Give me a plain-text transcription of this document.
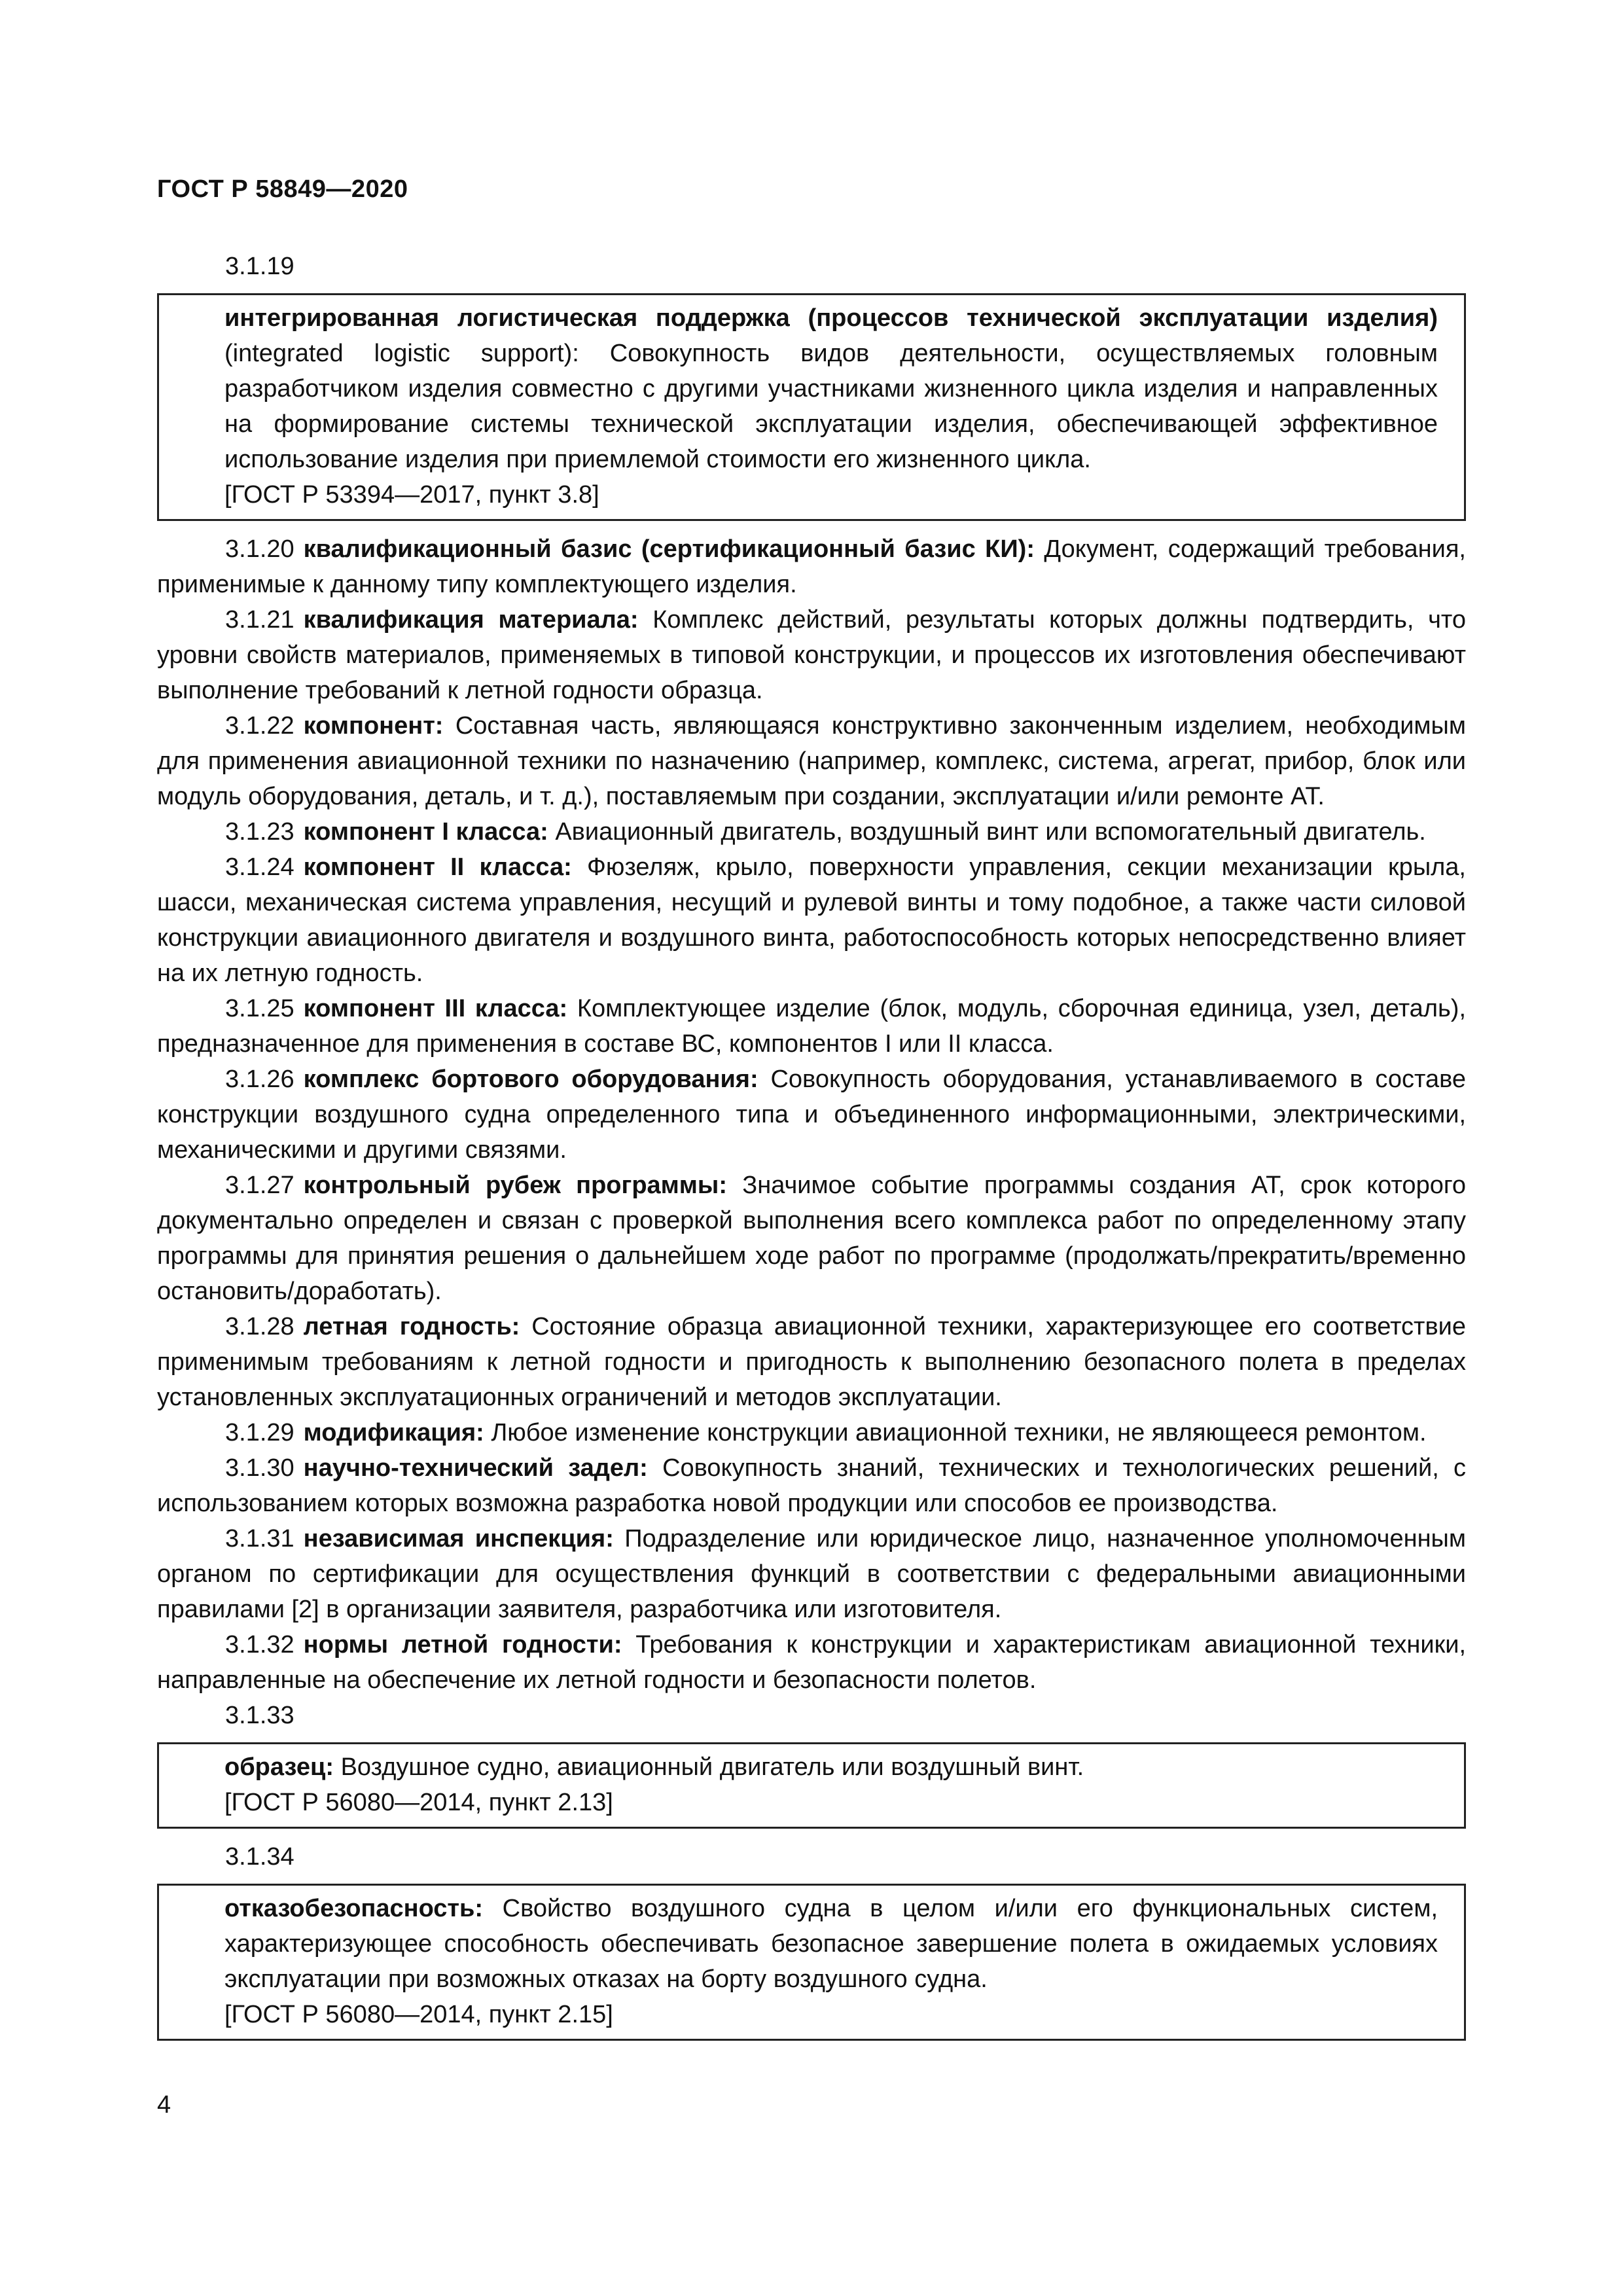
ГОСТ Р 58849—2020
3.1.19

интегрированная логистическая поддержка (процессов технической эксплуатации изделия) (integrated logistic support): Совокупность видов деятельности, осуществляемых головным разработчиком изделия совместно с другими участниками жизненного цикла изделия и направленных на формирование системы технической эксплуатации изделия, обеспечивающей эффективное использование изделия при приемлемой стоимости его жизненного цикла.

[ГОСТ Р 53394—2017, пункт 3.8]

3.1.20 квалификационный базис (сертификационный базис КИ): Документ, содержащий требования, применимые к данному типу комплектующего изделия.

3.1.21 квалификация материала: Комплекс действий, результаты которых должны подтвердить, что уровни свойств материалов, применяемых в типовой конструкции, и процессов их изготовления обеспечивают выполнение требований к летной годности образца.

3.1.22 компонент: Составная часть, являющаяся конструктивно законченным изделием, необходимым для применения авиационной техники по назначению (например, комплекс, система, агрегат, прибор, блок или модуль оборудования, деталь, и т. д.), поставляемым при создании, эксплуатации и/или ремонте АТ.

3.1.23 компонент I класса: Авиационный двигатель, воздушный винт или вспомогательный двигатель.

3.1.24 компонент II класса: Фюзеляж, крыло, поверхности управления, секции механизации крыла, шасси, механическая система управления, несущий и рулевой винты и тому подобное, а также части силовой конструкции авиационного двигателя и воздушного винта, работоспособность которых непосредственно влияет на их летную годность.

3.1.25 компонент III класса: Комплектующее изделие (блок, модуль, сборочная единица, узел, деталь), предназначенное для применения в составе ВС, компонентов I или II класса.

3.1.26 комплекс бортового оборудования: Совокупность оборудования, устанавливаемого в составе конструкции воздушного судна определенного типа и объединенного информационными, электрическими, механическими и другими связями.

3.1.27 контрольный рубеж программы: Значимое событие программы создания АТ, срок которого документально определен и связан с проверкой выполнения всего комплекса работ по определенному этапу программы для принятия решения о дальнейшем ходе работ по программе (продолжать/прекратить/временно остановить/доработать).

3.1.28 летная годность: Состояние образца авиационной техники, характеризующее его соответствие применимым требованиям к летной годности и пригодность к выполнению безопасного полета в пределах установленных эксплуатационных ограничений и методов эксплуатации.

3.1.29 модификация: Любое изменение конструкции авиационной техники, не являющееся ремонтом.

3.1.30 научно-технический задел: Совокупность знаний, технических и технологических решений, с использованием которых возможна разработка новой продукции или способов ее производства.

3.1.31 независимая инспекция: Подразделение или юридическое лицо, назначенное уполномоченным органом по сертификации для осуществления функций в соответствии с федеральными авиационными правилами [2] в организации заявителя, разработчика или изготовителя.

3.1.32 нормы летной годности: Требования к конструкции и характеристикам авиационной техники, направленные на обеспечение их летной годности и безопасности полетов.

3.1.33

образец: Воздушное судно, авиационный двигатель или воздушный винт.

[ГОСТ Р 56080—2014, пункт 2.13]

3.1.34

отказобезопасность: Свойство воздушного судна в целом и/или его функциональных систем, характеризующее способность обеспечивать безопасное завершение полета в ожидаемых условиях эксплуатации при возможных отказах на борту воздушного судна.

[ГОСТ Р 56080—2014, пункт 2.15]

4
